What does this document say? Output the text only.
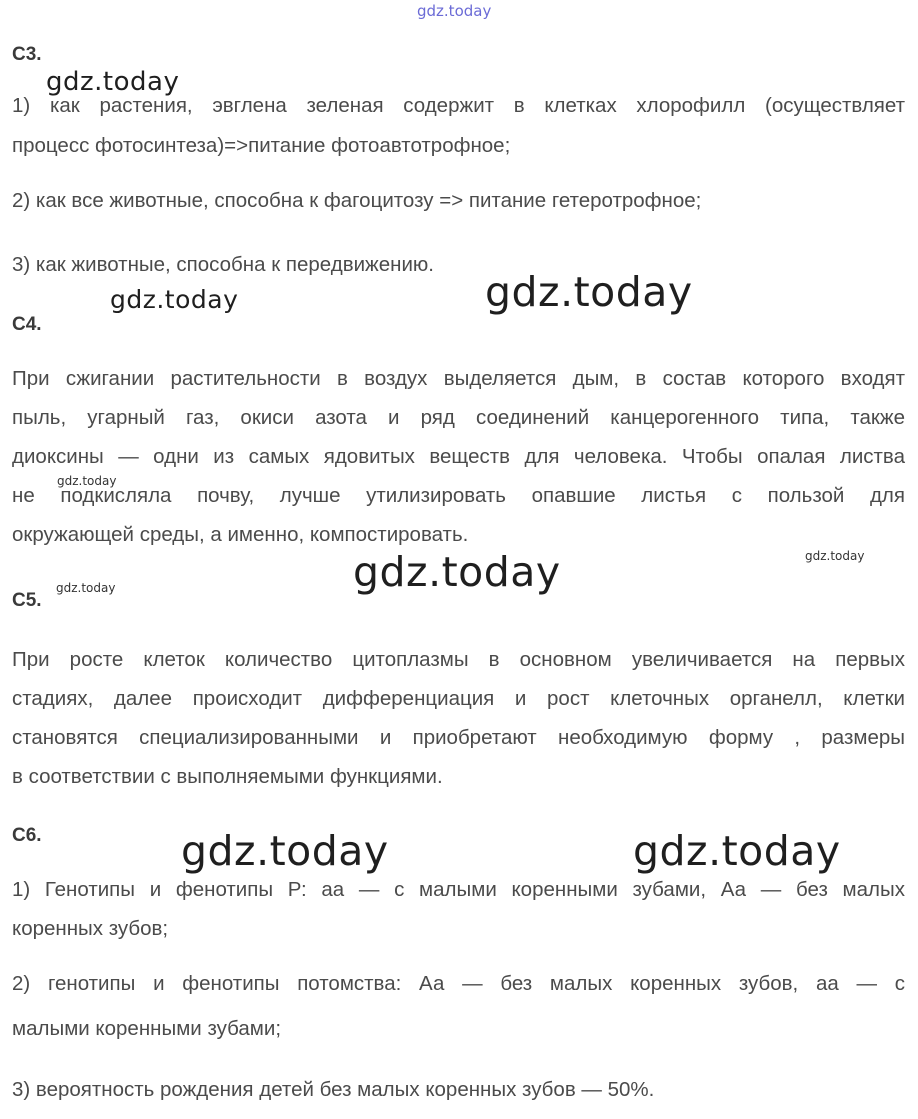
gdz.today
gdz.today
gdz.today	gdz.today
gdz.today
gdz.today
gdz.today
gdz.today
gdz.today	gdz.today
С3.
1) как растения, эвглена зеленая содержит в клетках хлорофилл (осуществляет
процесс фотосинтеза)=>питание фотоавтотрофное;
2) как все животные, способна к фагоцитозу => питание гетеротрофное;
3) как животные, способна к передвижению.
С4.
При сжигании растительности в воздух выделяется дым, в состав которого входят
пыль, угарный газ, окиси азота и ряд соединений канцерогенного типа, также
диоксины — одни из самых ядовитых веществ для человека. Чтобы опалая листва
не подкисляла почву, лучше утилизировать опавшие листья с пользой для
окружающей среды, а именно, компостировать.
С5.
При росте клеток количество цитоплазмы в основном увеличивается на первых
стадиях, далее происходит дифференциация и рост клеточных органелл, клетки
становятся специализированными и приобретают необходимую форму , размеры
в соответствии с выполняемыми функциями.
С6.
1) Генотипы и фенотипы Р: аа — с малыми коренными зубами, Аа — без малых
коренных зубов;
2) генотипы и фенотипы потомства: Аа — без малых коренных зубов, аа — с
малыми коренными зубами;
3) вероятность рождения детей без малых коренных зубов — 50%.
